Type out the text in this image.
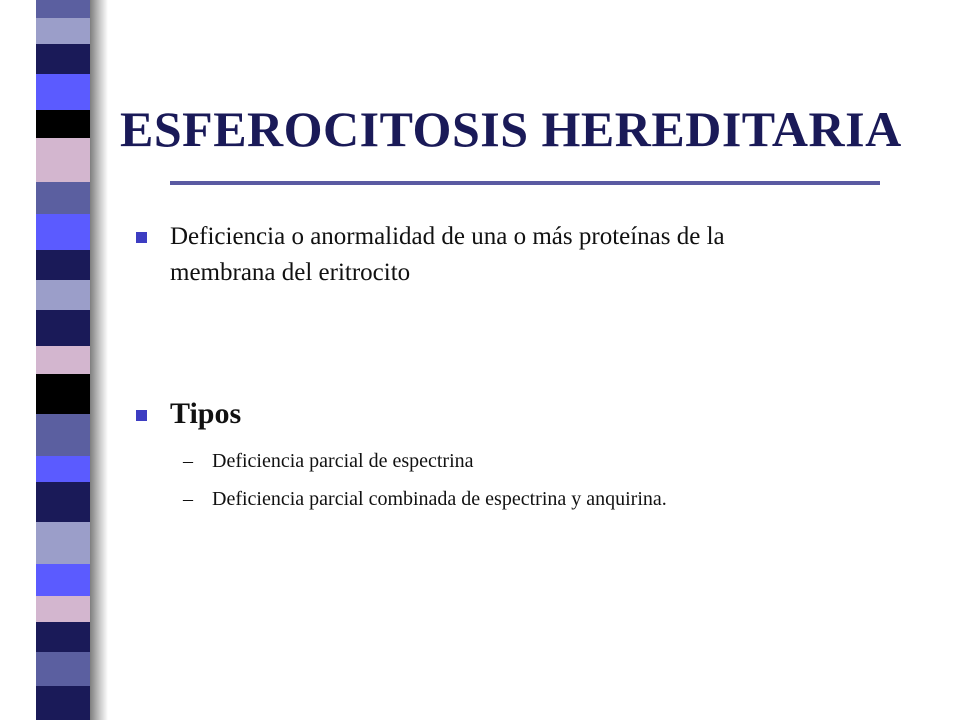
ESFEROCITOSIS HEREDITARIA
Deficiencia o anormalidad de una o más proteínas de la
membrana del eritrocito
Tipos
– Deficiencia parcial de espectrina
– Deficiencia parcial combinada de espectrina y anquirina.
